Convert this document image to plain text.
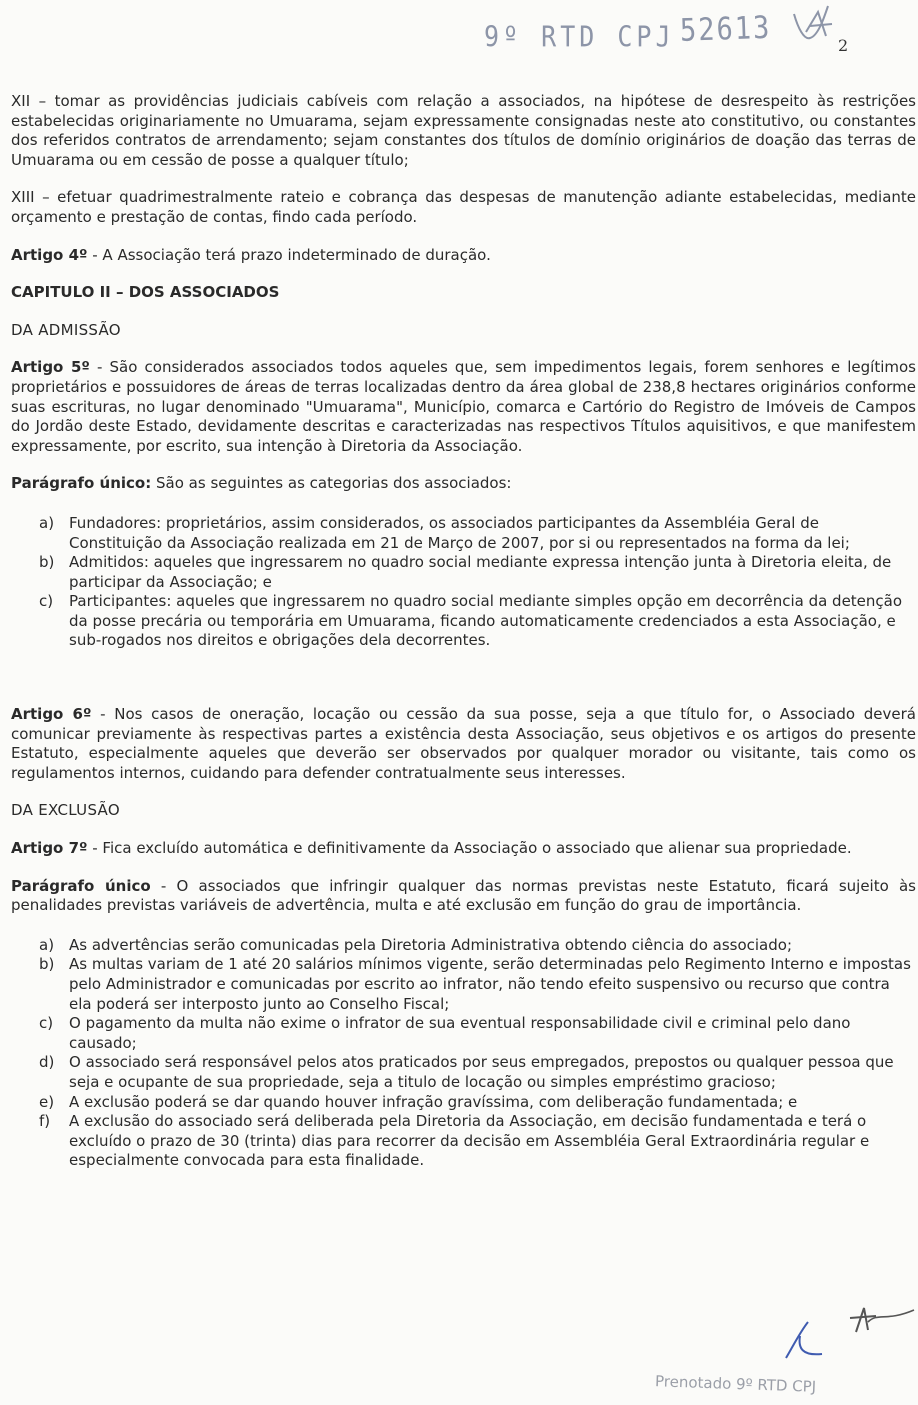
9º RTD CPJ 52613	2

XII – tomar as providências judiciais cabíveis com relação a associados, na hipótese de desrespeito às restrições estabelecidas originariamente no Umuarama, sejam expressamente consignadas neste ato constitutivo, ou constantes dos referidos contratos de arrendamento; sejam constantes dos títulos de domínio originários de doação das terras de Umuarama ou em cessão de posse a qualquer título;

XIII – efetuar quadrimestralmente rateio e cobrança das despesas de manutenção adiante estabelecidas, mediante orçamento e prestação de contas, findo cada período.

Artigo 4º - A Associação terá prazo indeterminado de duração.

CAPITULO II – DOS ASSOCIADOS

DA ADMISSÃO

Artigo 5º - São considerados associados todos aqueles que, sem impedimentos legais, forem senhores e legítimos proprietários e possuidores de áreas de terras localizadas dentro da área global de 238,8 hectares originários conforme suas escrituras, no lugar denominado "Umuarama", Município, comarca e Cartório do Registro de Imóveis de Campos do Jordão deste Estado, devidamente descritas e caracterizadas nas respectivos Títulos aquisitivos, e que manifestem expressamente, por escrito, sua intenção à Diretoria da Associação.

Parágrafo único: São as seguintes as categorias dos associados:

a) Fundadores: proprietários, assim considerados, os associados participantes da Assembléia Geral de Constituição da Associação realizada em 21 de Março de 2007, por si ou representados na forma da lei;
b) Admitidos: aqueles que ingressarem no quadro social mediante expressa intenção junta à Diretoria eleita, de participar da Associação; e
c) Participantes: aqueles que ingressarem no quadro social mediante simples opção em decorrência da detenção da posse precária ou temporária em Umuarama, ficando automaticamente credenciados a esta Associação, e sub-rogados nos direitos e obrigações dela decorrentes.

Artigo 6º - Nos casos de oneração, locação ou cessão da sua posse, seja a que título for, o Associado deverá comunicar previamente às respectivas partes a existência desta Associação, seus objetivos e os artigos do presente Estatuto, especialmente aqueles que deverão ser observados por qualquer morador ou visitante, tais como os regulamentos internos, cuidando para defender contratualmente seus interesses.

DA EXCLUSÃO

Artigo 7º - Fica excluído automática e definitivamente da Associação o associado que alienar sua propriedade.

Parágrafo único - O associados que infringir qualquer das normas previstas neste Estatuto, ficará sujeito às penalidades previstas variáveis de advertência, multa e até exclusão em função do grau de importância.

a) As advertências serão comunicadas pela Diretoria Administrativa obtendo ciência do associado;
b) As multas variam de 1 até 20 salários mínimos vigente, serão determinadas pelo Regimento Interno e impostas pelo Administrador e comunicadas por escrito ao infrator, não tendo efeito suspensivo ou recurso que contra ela poderá ser interposto junto ao Conselho Fiscal;
c) O pagamento da multa não exime o infrator de sua eventual responsabilidade civil e criminal pelo dano causado;
d) O associado será responsável pelos atos praticados por seus empregados, prepostos ou qualquer pessoa que seja e ocupante de sua propriedade, seja a titulo de locação ou simples empréstimo gracioso;
e) A exclusão poderá se dar quando houver infração gravíssima, com deliberação fundamentada; e
f) A exclusão do associado será deliberada pela Diretoria da Associação, em decisão fundamentada e terá o excluído o prazo de 30 (trinta) dias para recorrer da decisão em Assembléia Geral Extraordinária regular e especialmente convocada para esta finalidade.
Prenotado 9º RTD CPJ
